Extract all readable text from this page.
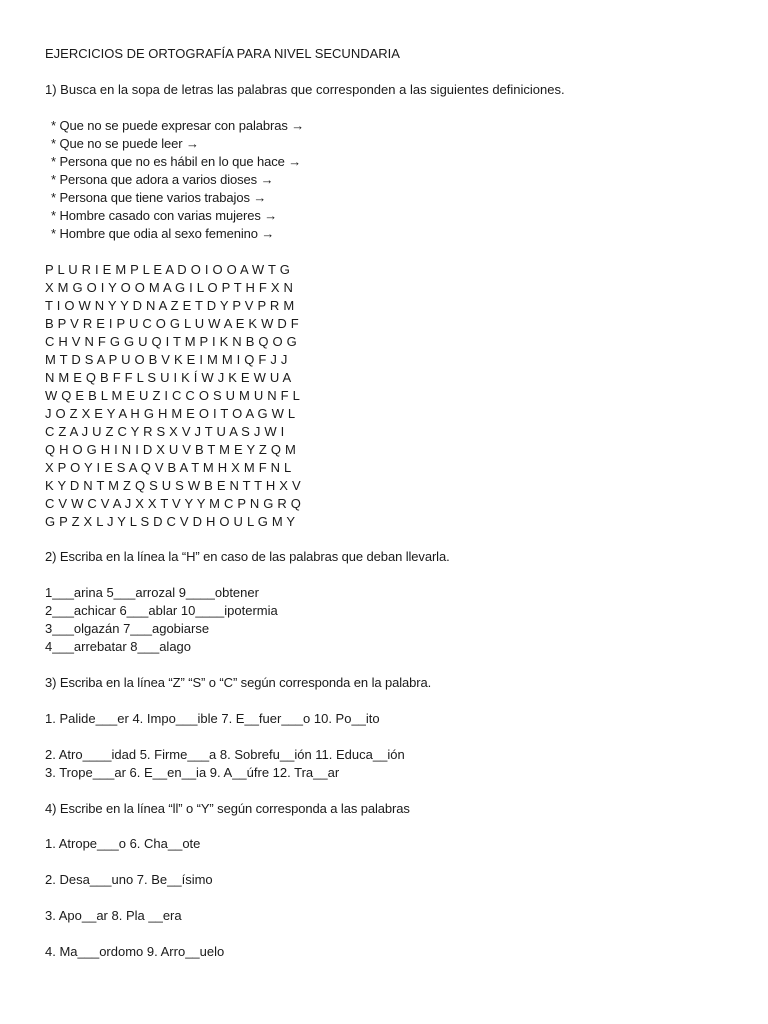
EJERCICIOS DE ORTOGRAFÍA PARA NIVEL SECUNDARIA
1) Busca en la sopa de letras las palabras que corresponden a las siguientes definiciones.
* Que no se puede expresar con palabras →
* Que no se puede leer →
* Persona que no es hábil en lo que hace →
* Persona que adora a varios dioses →
* Persona que tiene varios trabajos →
* Hombre casado con varias mujeres →
* Hombre que odia al sexo femenino →
P L U R I E M P L E A D O I O O A W T G
X M G O I Y O O M A G I L O P T H F X N
T I O W N Y Y D N A Z E T D Y P V P R M
B P V R E I P U C O G L U W A E K W D F
C H V N F G G U Q I T M P I K N B Q O G
M T D S A P U O B V K E I M M I Q F J J
N M E Q B F F L S U I K Í W J K E W U A
W Q E B L M E U Z I C C O S U M U N F L
J O Z X E Y A H G H M E O I T O A G W L
C Z A J U Z C Y R S X V J T U A S J W I
Q H O G H I N I D X U V B T M E Y Z Q M
X P O Y I E S A Q V B A T M H X M F N L
K Y D N T M Z Q S U S W B E N T T H X V
C V W C V A J X X T V Y Y M C P N G R Q
G P Z X L J Y L S D C V D H O U L G M Y
2) Escriba en la línea la “H” en caso de las palabras que deban llevarla.
1___arina 5___arrozal 9____obtener
2___achicar 6___ablar 10____ipotermia
3___olgazán 7___agobiarse
4___arrebatar 8___alago
3) Escriba en la línea “Z” “S” o “C” según corresponda en la palabra.
1. Palide___er 4. Impo___ible 7. E__fuer___o 10. Po__ito
2. Atro____idad 5. Firme___a 8. Sobrefu__ión 11. Educa__ión
3. Trope___ar 6. E__en__ia 9. A__úfre 12. Tra__ar
4) Escribe en la línea “ll” o “Y” según corresponda a las palabras
1. Atrope___o 6. Cha__ote
2. Desa___uno 7. Be__ísimo
3. Apo__ar 8. Pla __era
4. Ma___ordomo 9. Arro__uelo
